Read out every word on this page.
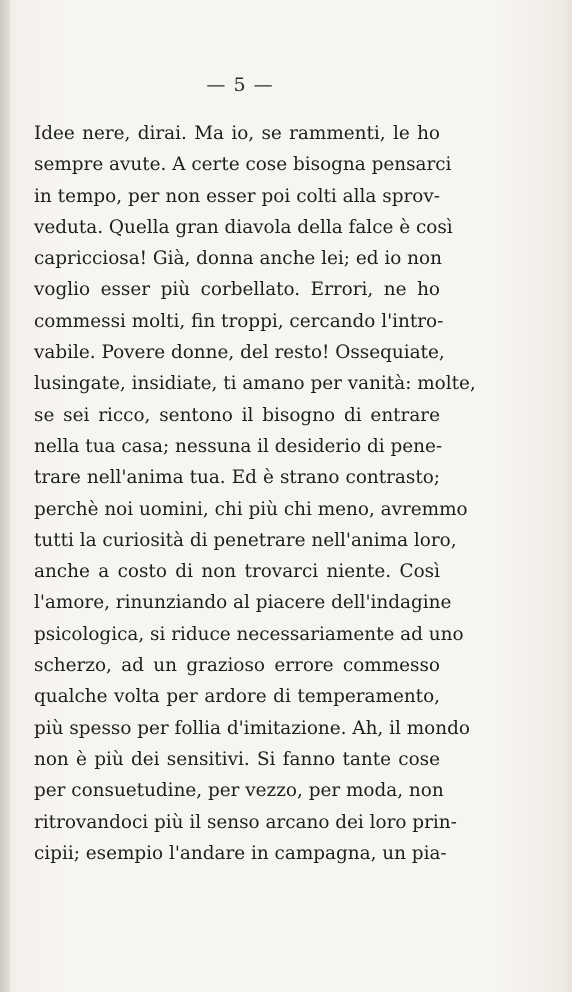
— 5 —
Idee nere, dirai. Ma io, se rammenti, le ho
sempre avute. A certe cose bisogna pensarci
in tempo, per non esser poi colti alla sprov-
veduta. Quella gran diavola della falce è così
capricciosa! Già, donna anche lei; ed io non
voglio esser più corbellato. Errori, ne ho
commessi molti, fin troppi, cercando l'intro-
vabile. Povere donne, del resto! Ossequiate,
lusingate, insidiate, ti amano per vanità: molte,
se sei ricco, sentono il bisogno di entrare
nella tua casa; nessuna il desiderio di pene-
trare nell'anima tua. Ed è strano contrasto;
perchè noi uomini, chi più chi meno, avremmo
tutti la curiosità di penetrare nell'anima loro,
anche a costo di non trovarci niente. Così
l'amore, rinunziando al piacere dell'indagine
psicologica, si riduce necessariamente ad uno
scherzo, ad un grazioso errore commesso
qualche volta per ardore di temperamento,
più spesso per follia d'imitazione. Ah, il mondo
non è più dei sensitivi. Si fanno tante cose
per consuetudine, per vezzo, per moda, non
ritrovandoci più il senso arcano dei loro prin-
cipii; esempio l'andare in campagna, un pia-
